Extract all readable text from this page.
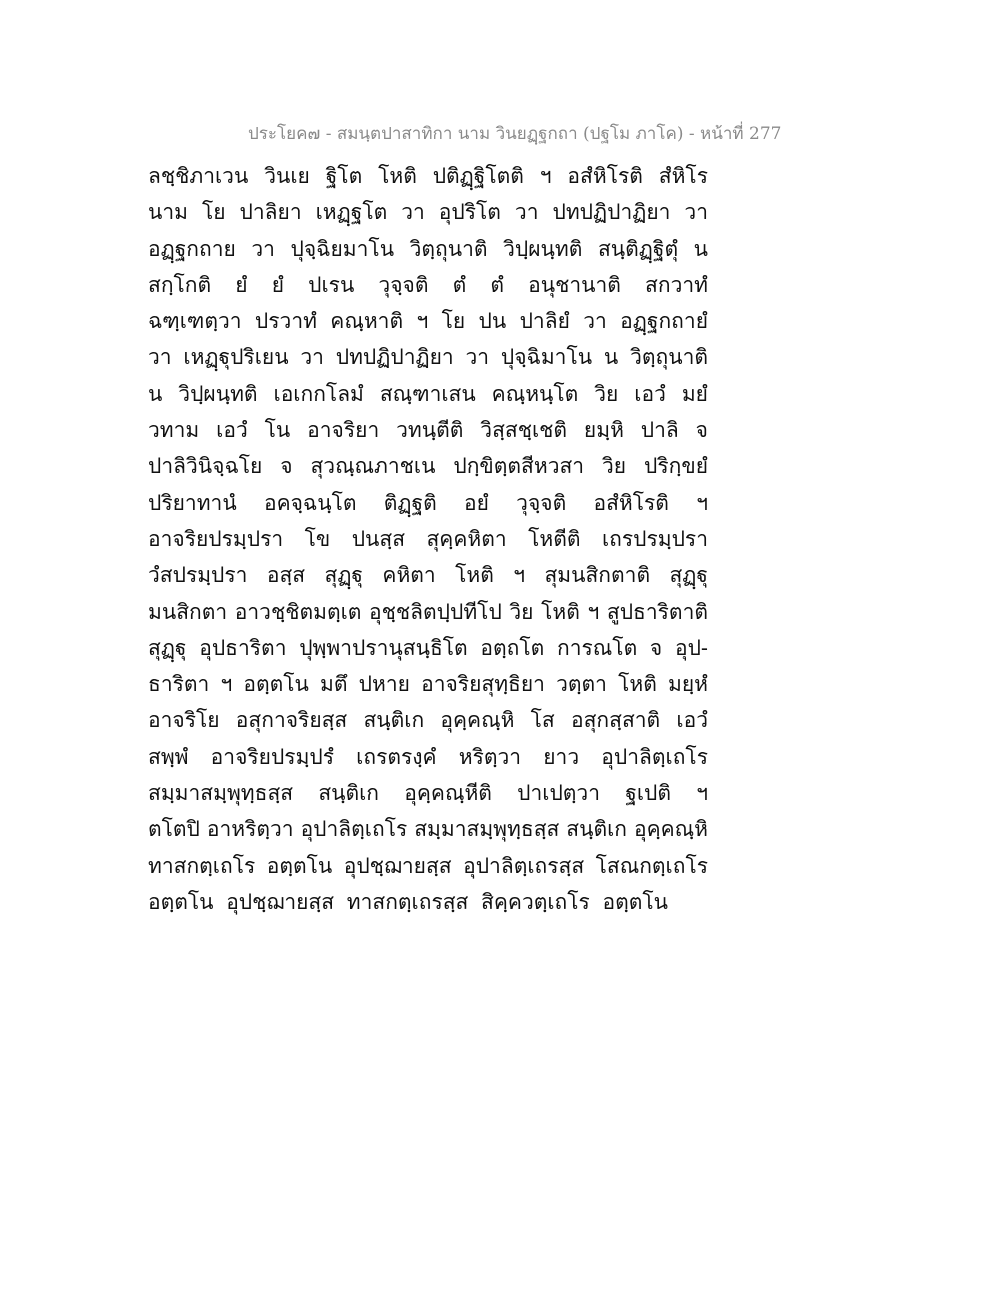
ประโยค๗ - สมนฺตปาสาทิกา นาม วินยฏฺฐกถา (ปฐโม ภาโค) - หน้าที่ 277
ลชฺชิภาเวน วินเย ฐิโต โหติ ปติฏฺฐิโตติ ฯ อสํหิโรติ สํหิโร
นาม โย ปาลิยา เหฏฺฐโต วา อุปริโต วา ปทปฏิปาฏิยา วา
อฏฺฐกถาย วา ปุจฺฉิยมาโน วิตฺถุนาติ วิปฺผนฺทติ สนฺติฏฺฐิตุํ น
สกฺโกติ ยํ ยํ ปเรน วุจฺจติ ตํ ตํ อนุชานาติ สกวาทํ
ฉฑฺเฑตฺวา ปรวาทํ คณฺหาติ ฯ โย ปน ปาลิยํ วา อฏฺฐกถายํ
วา เหฏฺฐุปริเยน วา ปทปฏิปาฏิยา วา ปุจฺฉิมาโน น วิตฺถุนาติ
น วิปฺผนฺทติ เอเกกโลมํ สณฺฑาเสน คณฺหนฺโต วิย เอวํ มยํ
วทาม เอวํ โน อาจริยา วทนฺตีติ วิสฺสชฺเชติ ยมฺหิ ปาลิ จ
ปาลิวินิจฺฉโย จ สุวณฺณภาชเน ปกฺขิตฺตสีหวสา วิย ปริกฺขยํ
ปริยาทานํ อคจฺฉนฺโต ติฏฺฐติ อยํ วุจฺจติ อสํหิโรติ ฯ
อาจริยปรมฺปรา โข ปนสฺส สุคฺคหิตา โหตีติ เถรปรมฺปรา
วํสปรมฺปรา อสฺส สุฏฺฐุ คหิตา โหติ ฯ สุมนสิกตาติ สุฏฺฐุ
มนสิกตา อาวชฺชิตมตฺเต อุชฺชลิตปฺปทีโป วิย โหติ ฯ สูปธาริตาติ
สุฏฺฐุ อุปธาริตา ปุพฺพาปรานุสนฺธิโต อตฺถโต การณโต จ อุป-
ธาริตา ฯ อตฺตโน มตึ ปหาย อาจริยสุทฺธิยา วตฺตา โหติ มยฺหํ
อาจริโย อสุกาจริยสฺส สนฺติเก อุคฺคณฺหิ โส อสุกสฺสาติ เอวํ
สพฺพํ อาจริยปรมฺปรํ เถรตรงฺคํ หริตฺวา ยาว อุปาลิตฺเถโร
สมฺมาสมฺพุทฺธสฺส สนฺติเก อุคฺคณฺหีติ ปาเปตฺวา ฐเปติ ฯ
ตโตปิ อาหริตฺวา อุปาลิตฺเถโร สมฺมาสมฺพุทฺธสฺส สนฺติเก อุคฺคณฺหิ
ทาสกตฺเถโร อตฺตโน อุปชฺฌายสฺส อุปาลิตฺเถรสฺส โสณกตฺเถโร
อตฺตโน อุปชฺฌายสฺส ทาสกตฺเถรสฺส สิคฺควตฺเถโร อตฺตโน
